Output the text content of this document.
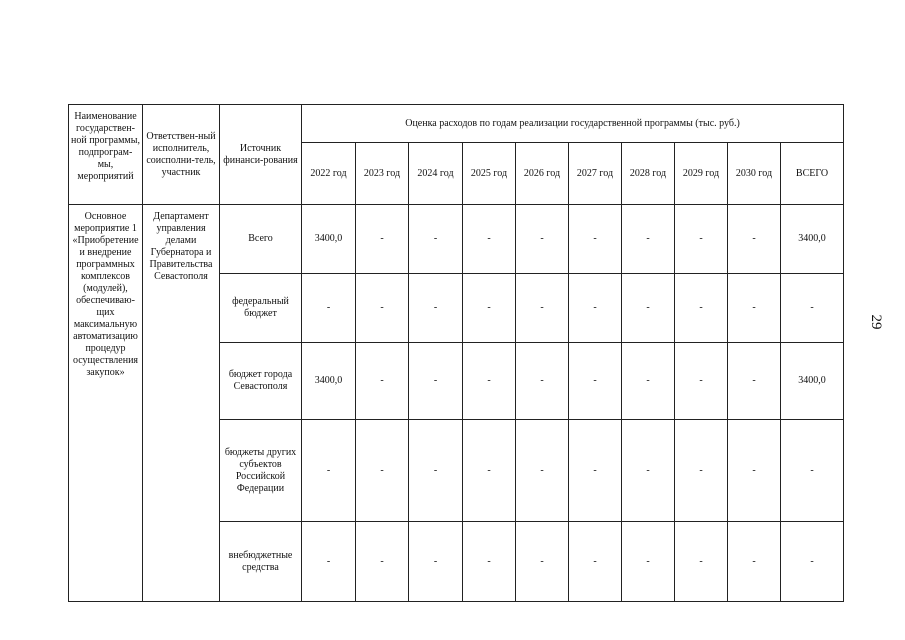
29
Наименование государствен-ной программы, подпрограм-мы, мероприятий	Ответствен-ный исполнитель, соисполни-тель, участник	Источник финанси-рования	Оценка расходов по годам реализации государственной программы (тыс. руб.)									
			2022 год	2023 год	2024 год	2025 год	2026 год	2027 год	2028 год	2029 год	2030 год	ВСЕГО
Основное мероприятие 1 «Приобретение и внедрение программных комплексов (модулей), обеспечиваю-щих максимальную автоматизацию процедур осуществления закупок»	Департамент управления делами Губернатора и Правительства Севастополя	Всего	3400,0	-	-	-	-	-	-	-	-	3400,0
		федеральный бюджет	-	-	-	-	-	-	-	-	-	-
		бюджет города Севастополя	3400,0	-	-	-	-	-	-	-	-	3400,0
		бюджеты других субъектов Российской Федерации	-	-	-	-	-	-	-	-	-	-
		внебюджетные средства	-	-	-	-	-	-	-	-	-	-
